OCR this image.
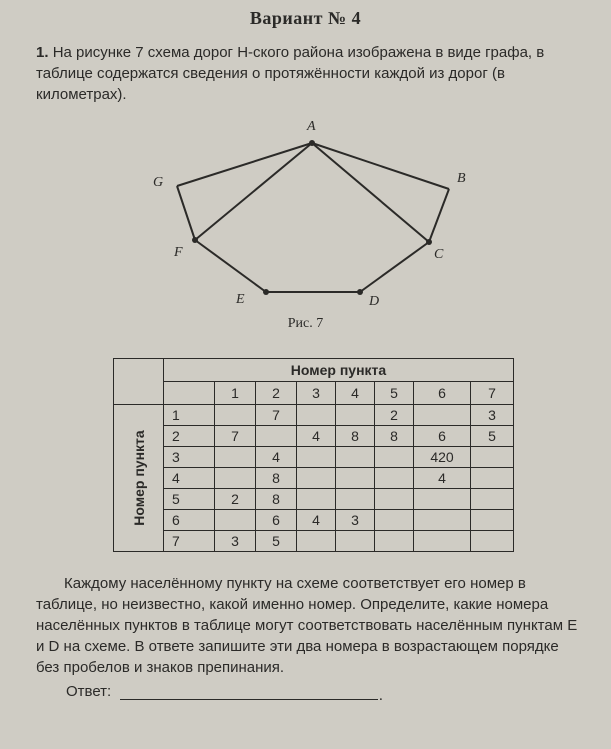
Вариант № 4
1. На рисунке 7 схема дорог Н-ского района изображена в виде графа, в таблице содержатся сведения о протяжённости каждой из дорог (в километрах).
A
B
C
D
E
F
G
Рис. 7
	Номер пункта							
		1	2	3	4	5	6	7

Номер пункта	1		7			2		3
	2	7		4	8	8	6	5
	3		4				420	
	4		8				4	
	5	2	8					
	6		6	4	3			
	7	3	5					
Каждому населённому пункту на схеме соответствует его номер в таблице, но неизвестно, какой именно номер. Определите, какие номера населённых пунктов в таблице могут соответствовать населённым пунктам E и D на схеме. В ответе запишите эти два номера в возрастающем порядке без пробелов и знаков препинания.
Ответ:	.
